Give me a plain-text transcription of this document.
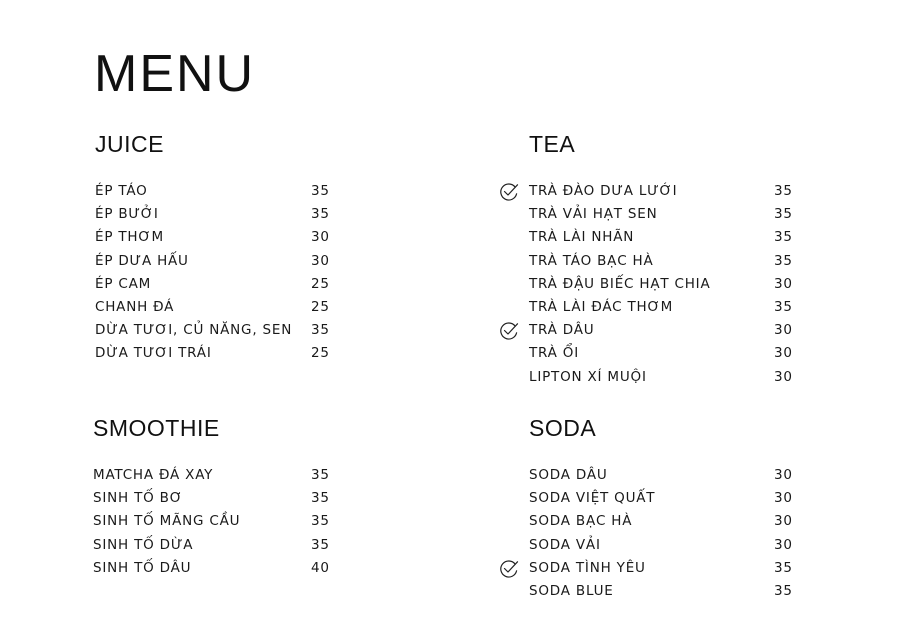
MENU
JUICE
ÉP TÁO	35
ÉP BƯỞI	35
ÉP THƠM	30
ÉP DƯA HẤU	30
ÉP CAM	25
CHANH ĐÁ	25
DỪA TƯƠI, CỦ NĂNG, SEN 35
DỪA TƯƠI TRÁI	25
TEA
TRÀ ĐÀO DƯA LƯỚI	35
TRÀ VẢI HẠT SEN	35
TRÀ LÀI NHÃN	35
TRÀ TÁO BẠC HÀ	35
TRÀ ĐẬU BIẾC HẠT CHIA	30
TRÀ LÀI ĐÁC THƠM	35
TRÀ DÂU	30
TRÀ ỔI	30
LIPTON XÍ MUỘI	30
SMOOTHIE
MATCHA ĐÁ XAY	35
SINH TỐ BƠ	35
SINH TỐ MÃNG CẦU	35
SINH TỐ DỪA	35
SINH TỐ DÂU	40
SODA
SODA DÂU	30
SODA VIỆT QUẤT	30
SODA BẠC HÀ	30
SODA VẢI	30
SODA TÌNH YÊU	35
SODA BLUE	35
